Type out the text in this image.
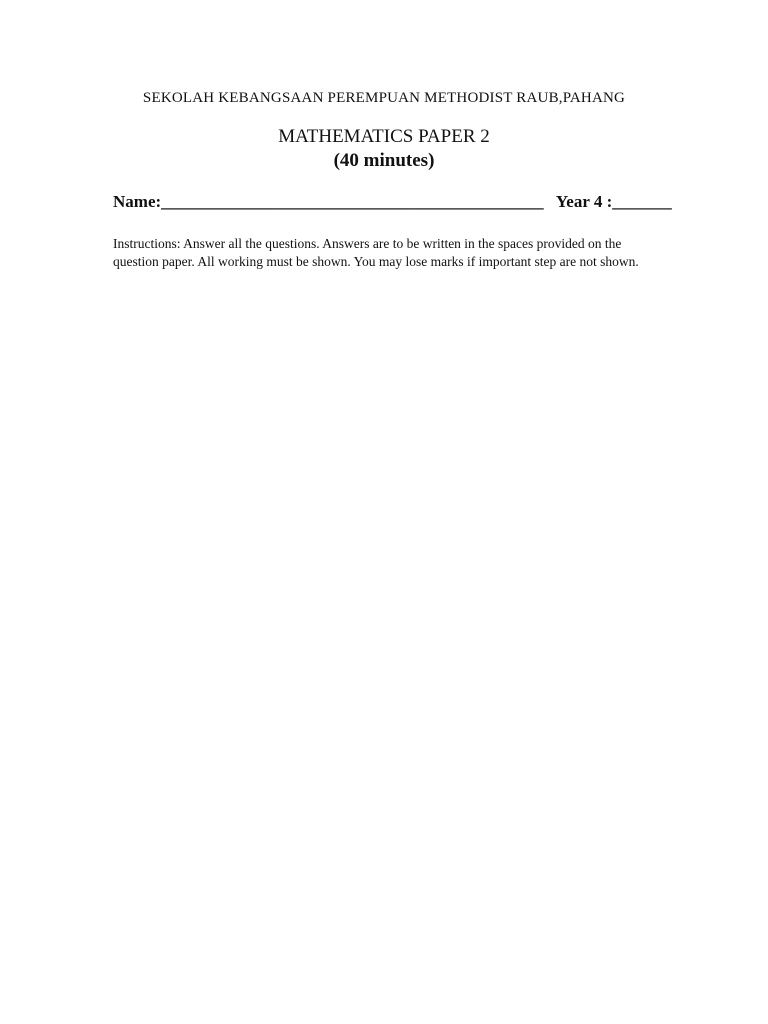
SEKOLAH KEBANGSAAN PEREMPUAN METHODIST RAUB,PAHANG
MATHEMATICS PAPER 2
(40 minutes)
Name:_____________________________________________ Year 4 :_______
Instructions: Answer all the questions. Answers are to be written in the spaces provided on the question paper. All working must be shown. You may lose marks if important step are not shown.
